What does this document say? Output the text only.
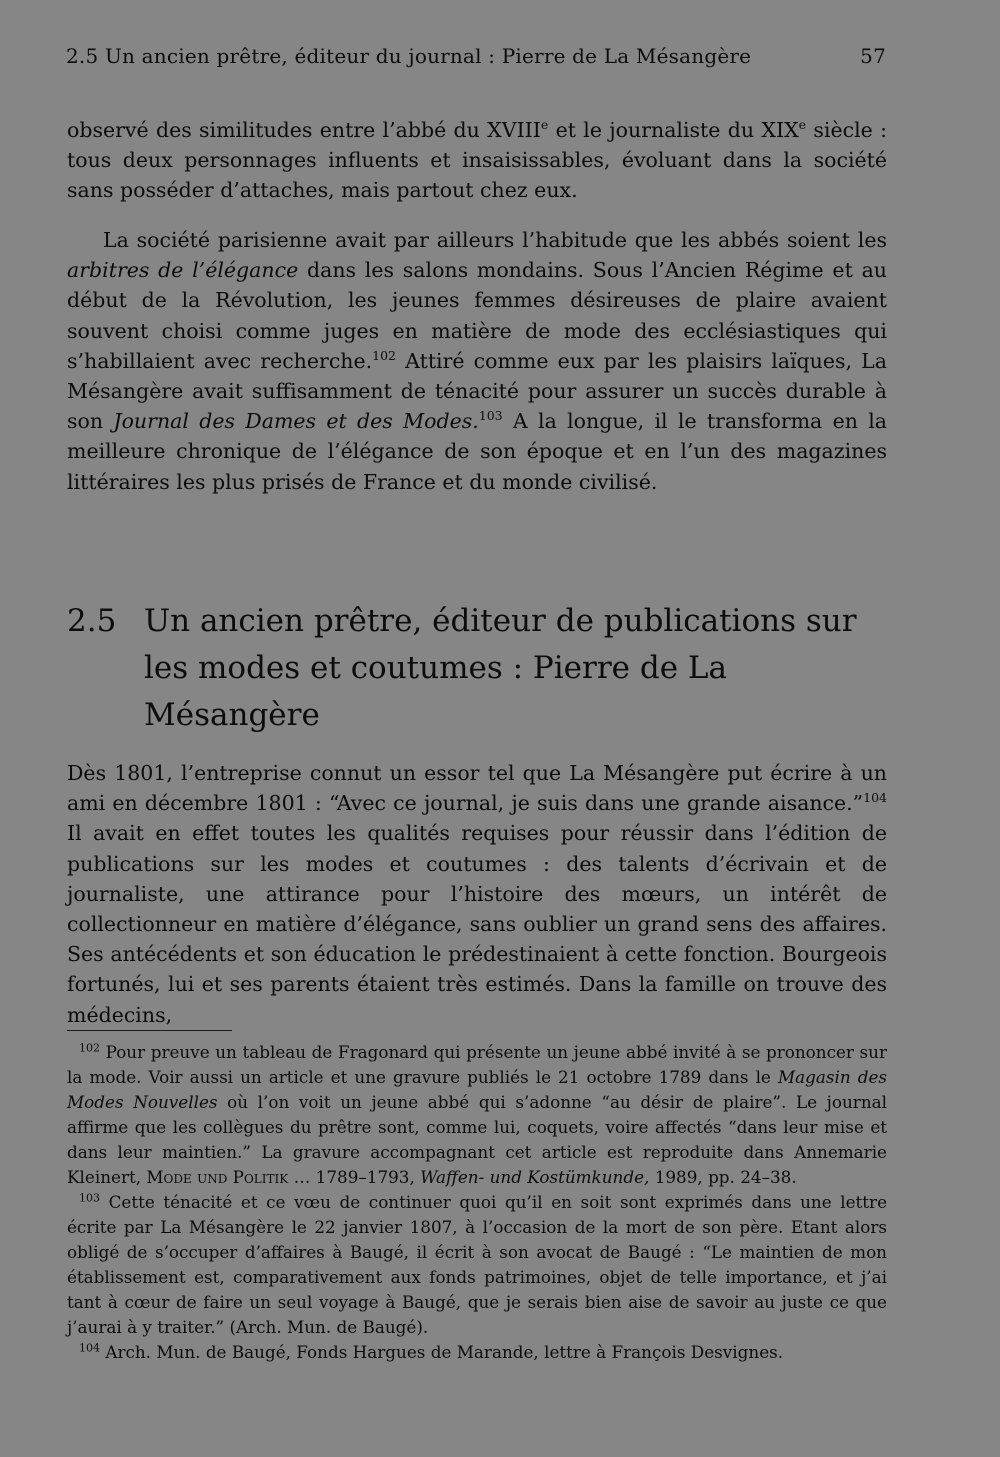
2.5 Un ancien prêtre, éditeur du journal : Pierre de La Mésangère	57

observé des similitudes entre l’abbé du XVIIIe et le journaliste du XIXe siècle : tous deux personnages influents et insaisissables, évoluant dans la société sans posséder d’attaches, mais partout chez eux.

La société parisienne avait par ailleurs l’habitude que les abbés soient les arbitres de l’élégance dans les salons mondains. Sous l’Ancien Régime et au début de la Révolution, les jeunes femmes désireuses de plaire avaient souvent choisi comme juges en matière de mode des ecclésiastiques qui s’habillaient avec recherche.$^{102}$ Attiré comme eux par les plaisirs laïques, La Mésangère avait suffisamment de ténacité pour assurer un succès durable à son Journal des Dames et des Modes.$^{103}$ A la longue, il le transforma en la meilleure chronique de l’élégance de son époque et en l’un des magazines littéraires les plus prisés de France et du monde civilisé.

2.5 Un ancien prêtre, éditeur de publications sur les modes et coutumes : Pierre de La Mésangère

Dès 1801, l’entreprise connut un essor tel que La Mésangère put écrire à un ami en décembre 1801 : “Avec ce journal, je suis dans une grande aisance.”$^{104}$ Il avait en effet toutes les qualités requises pour réussir dans l’édition de publications sur les modes et coutumes : des talents d’écrivain et de journaliste, une attirance pour l’histoire des mœurs, un intérêt de collectionneur en matière d’élégance, sans oublier un grand sens des affaires. Ses antécédents et son éducation le prédestinaient à cette fonction. Bourgeois fortunés, lui et ses parents étaient très estimés. Dans la famille on trouve des médecins,

$^{102}$ Pour preuve un tableau de Fragonard qui présente un jeune abbé invité à se prononcer sur la mode. Voir aussi un article et une gravure publiés le 21 octobre 1789 dans le Magasin des Modes Nouvelles où l’on voit un jeune abbé qui s’adonne “au désir de plaire”. Le journal affirme que les collègues du prêtre sont, comme lui, coquets, voire affectés “dans leur mise et dans leur maintien.” La gravure accompagnant cet article est reproduite dans Annemarie Kleinert, Mode und Politik … 1789–1793, Waffen- und Kostümkunde, 1989, pp. 24–38.

$^{103}$ Cette ténacité et ce vœu de continuer quoi qu’il en soit sont exprimés dans une lettre écrite par La Mésangère le 22 janvier 1807, à l’occasion de la mort de son père. Etant alors obligé de s’occuper d’affaires à Baugé, il écrit à son avocat de Baugé : “Le maintien de mon établissement est, comparativement aux fonds patrimoines, objet de telle importance, et j’ai tant à cœur de faire un seul voyage à Baugé, que je serais bien aise de savoir au juste ce que j’aurai à y traiter.” (Arch. Mun. de Baugé).

$^{104}$ Arch. Mun. de Baugé, Fonds Hargues de Marande, lettre à François Desvignes.
